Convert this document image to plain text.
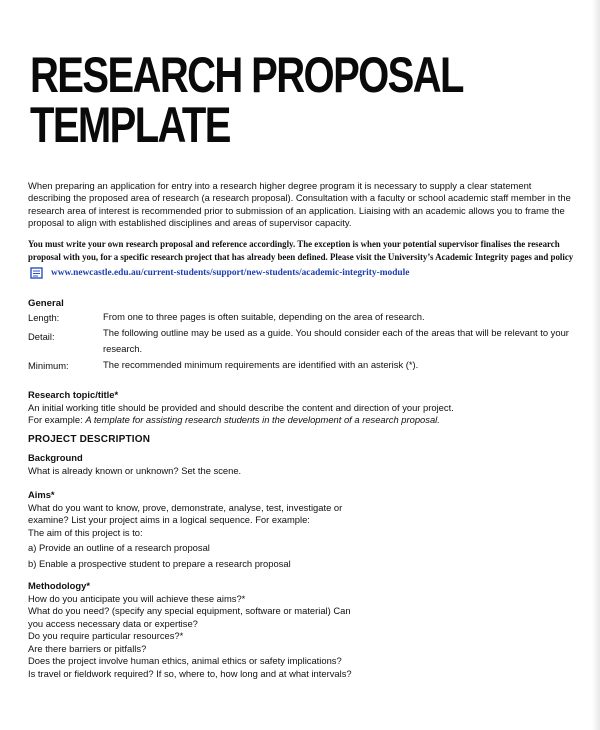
RESEARCH PROPOSAL
TEMPLATE
When preparing an application for entry into a research higher degree program it is necessary to supply a clear statement describing the proposed area of research (a research proposal). Consultation with a faculty or school academic staff member in the research area of interest is recommended prior to submission of an application. Liaising with an academic allows you to frame the proposal to align with established disciplines and areas of supervisor capacity.
You must write your own research proposal and reference accordingly. The exception is when your potential supervisor finalises the research proposal with you, for a specific research project that has already been defined. Please visit the University’s Academic Integrity pages and policy
www.newcastle.edu.au/current-students/support/new-students/academic-integrity-module
General
Length:	From one to three pages is often suitable, depending on the area of research.
Detail:	The following outline may be used as a guide. You should consider each of the areas that will be relevant to your research.
Minimum:	The recommended minimum requirements are identified with an asterisk (*).
Research topic/title*
An initial working title should be provided and should describe the content and direction of your project.
For example: A template for assisting research students in the development of a research proposal.
PROJECT DESCRIPTION
Background
What is already known or unknown? Set the scene.
Aims*
What do you want to know, prove, demonstrate, analyse, test, investigate or
examine? List your project aims in a logical sequence. For example:
The aim of this project is to:
a) Provide an outline of a research proposal
b) Enable a prospective student to prepare a research proposal
Methodology*
How do you anticipate you will achieve these aims?*
What do you need? (specify any special equipment, software or material) Can
you access necessary data or expertise?
Do you require particular resources?*
Are there barriers or pitfalls?
Does the project involve human ethics, animal ethics or safety implications?
Is travel or fieldwork required? If so, where to, how long and at what intervals?
